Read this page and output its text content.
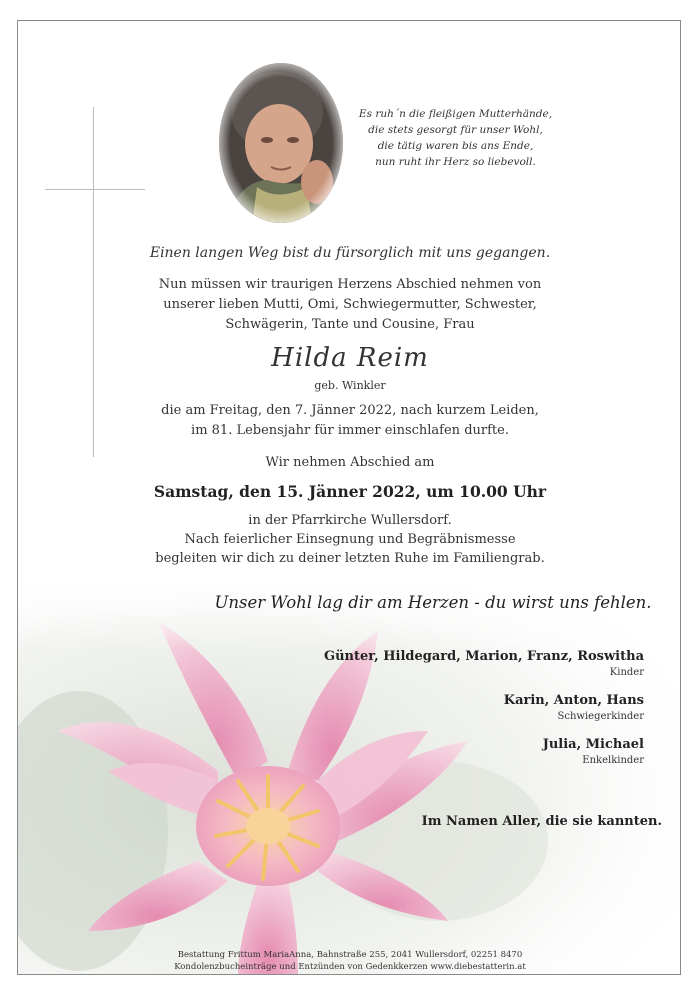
Es ruh´n die fleißigen Mutterhände,
die stets gesorgt für unser Wohl,
die tätig waren bis ans Ende,
nun ruht ihr Herz so liebevoll.
Einen langen Weg bist du fürsorglich mit uns gegangen.
Nun müssen wir traurigen Herzens Abschied nehmen von
unserer lieben Mutti, Omi, Schwiegermutter, Schwester,
Schwägerin, Tante und Cousine, Frau
Hilda Reim
geb. Winkler
die am Freitag, den 7. Jänner 2022, nach kurzem Leiden,
im 81. Lebensjahr für immer einschlafen durfte.
Wir nehmen Abschied am
Samstag, den 15. Jänner 2022, um 10.00 Uhr
in der Pfarrkirche Wullersdorf.
Nach feierlicher Einsegnung und Begräbnismesse
begleiten wir dich zu deiner letzten Ruhe im Familiengrab.
Unser Wohl lag dir am Herzen - du wirst uns fehlen.
Günter, Hildegard, Marion, Franz, Roswitha
Kinder
Karin, Anton, Hans
Schwiegerkinder
Julia, Michael
Enkelkinder
Im Namen Aller, die sie kannten.
Bestattung Frittum MariaAnna, Bahnstraße 255, 2041 Wullersdorf, 02251 8470
Kondolenzbucheinträge und Entzünden von Gedenkkerzen www.diebestatterin.at
